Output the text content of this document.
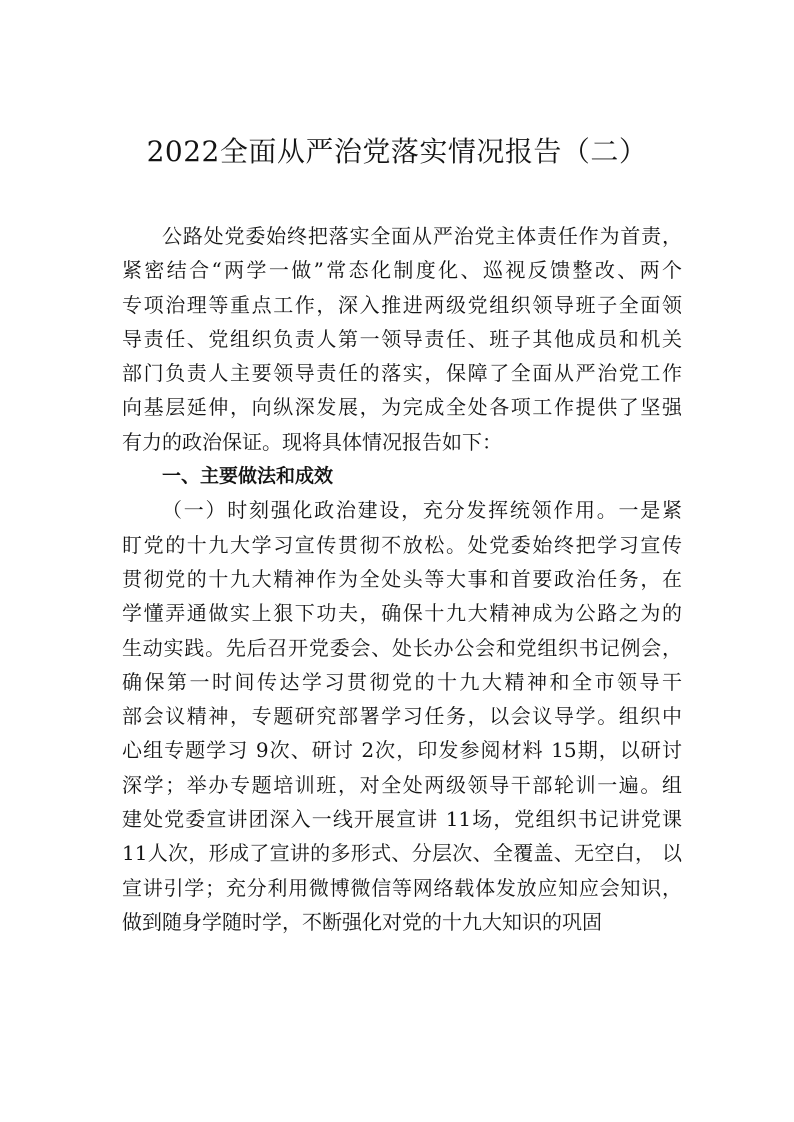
2022全面从严治党落实情况报告（二）
公路处党委始终把落实全面从严治党主体责任作为首责，
紧密结合“两学一做”常态化制度化、巡视反馈整改、两个
专项治理等重点工作，深入推进两级党组织领导班子全面领
导责任、党组织负责人第一领导责任、班子其他成员和机关
部门负责人主要领导责任的落实，保障了全面从严治党工作
向基层延伸，向纵深发展，为完成全处各项工作提供了坚强
有力的政治保证。现将具体情况报告如下：
一、主要做法和成效
（一）时刻强化政治建设，充分发挥统领作用。一是紧
盯党的十九大学习宣传贯彻不放松。处党委始终把学习宣传
贯彻党的十九大精神作为全处头等大事和首要政治任务，在
学懂弄通做实上狠下功夫，确保十九大精神成为公路之为的
生动实践。先后召开党委会、处长办公会和党组织书记例会，
确保第一时间传达学习贯彻党的十九大精神和全市领导干
部会议精神，专题研究部署学习任务，以会议导学。组织中
心组专题学习 9次、研讨 2次，印发参阅材料 15期，以研讨
深学；举办专题培训班，对全处两级领导干部轮训一遍。组
建处党委宣讲团深入一线开展宣讲 11场，党组织书记讲党课
11人次，形成了宣讲的多形式、分层次、全覆盖、无空白， 以
宣讲引学；充分利用微博微信等网络载体发放应知应会知识，
做到随身学随时学，不断强化对党的十九大知识的巩固
